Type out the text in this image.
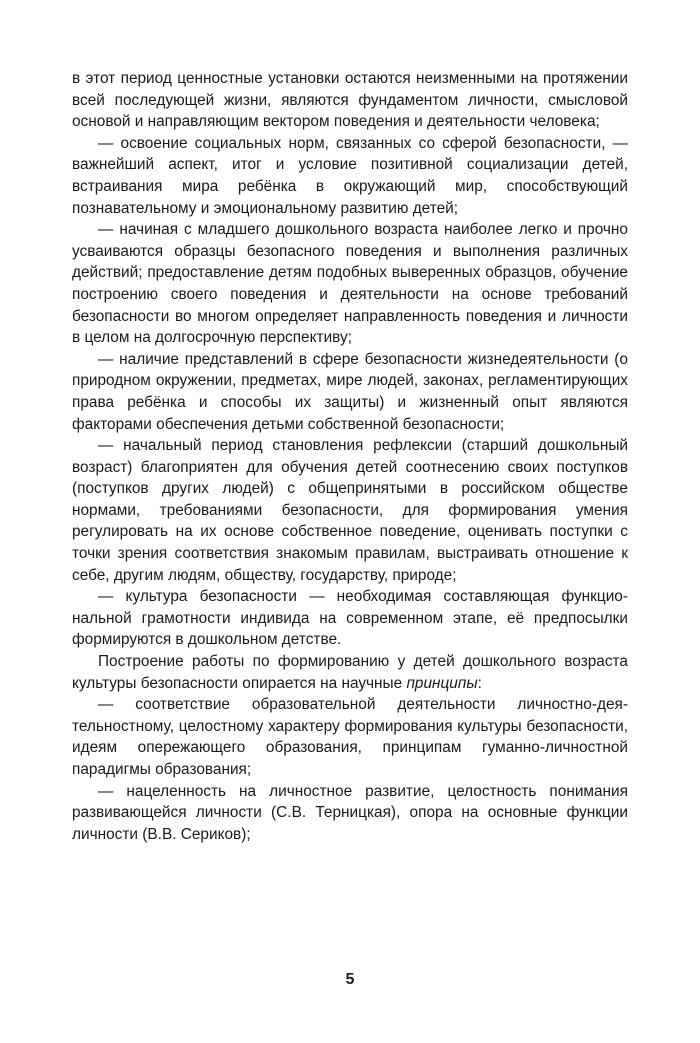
в этот период ценностные установки остаются неизменными на протяжении всей последующей жизни, являются фундаментом личности, смысловой основой и направляющим вектором поведения и деятельности человека;

— освоение социальных норм, связанных со сферой безопасности, — важнейший аспект, итог и условие позитивной социализации детей, встраивания мира ребёнка в окружающий мир, способствующий познавательному и эмоциональному развитию детей;

— начиная с младшего дошкольного возраста наиболее легко и прочно усваиваются образцы безопасного поведения и выполнения различных действий; предоставление детям подобных выверенных образцов, обучение построению своего поведения и деятельности на основе требований безопасности во многом определяет направленность поведения и личности в целом на долгосрочную перспективу;

— наличие представлений в сфере безопасности жизнедеятельности (о природном окружении, предметах, мире людей, законах, регламентирующих права ребёнка и способы их защиты) и жизненный опыт являются факторами обеспечения детьми собственной безопасности;

— начальный период становления рефлексии (старший дошкольный возраст) благоприятен для обучения детей соотнесению своих поступков (поступков других людей) с общепринятыми в российском обществе нормами, требованиями безопасности, для формирования умения регулировать на их основе собственное поведение, оценивать поступки с точки зрения соответствия знакомым правилам, выстраивать отношение к себе, другим людям, обществу, государству, природе;

— культура безопасности — необходимая составляющая функциональной грамотности индивида на современном этапе, её предпосылки формируются в дошкольном детстве.

Построение работы по формированию у детей дошкольного возраста культуры безопасности опирается на научные принципы:

— соответствие образовательной деятельности личностно-деятельностному, целостному характеру формирования культуры безопасности, идеям опережающего образования, принципам гуманно-личностной парадигмы образования;

— нацеленность на личностное развитие, целостность понимания развивающейся личности (С.В. Терницкая), опора на основные функции личности (В.В. Сериков);

5
